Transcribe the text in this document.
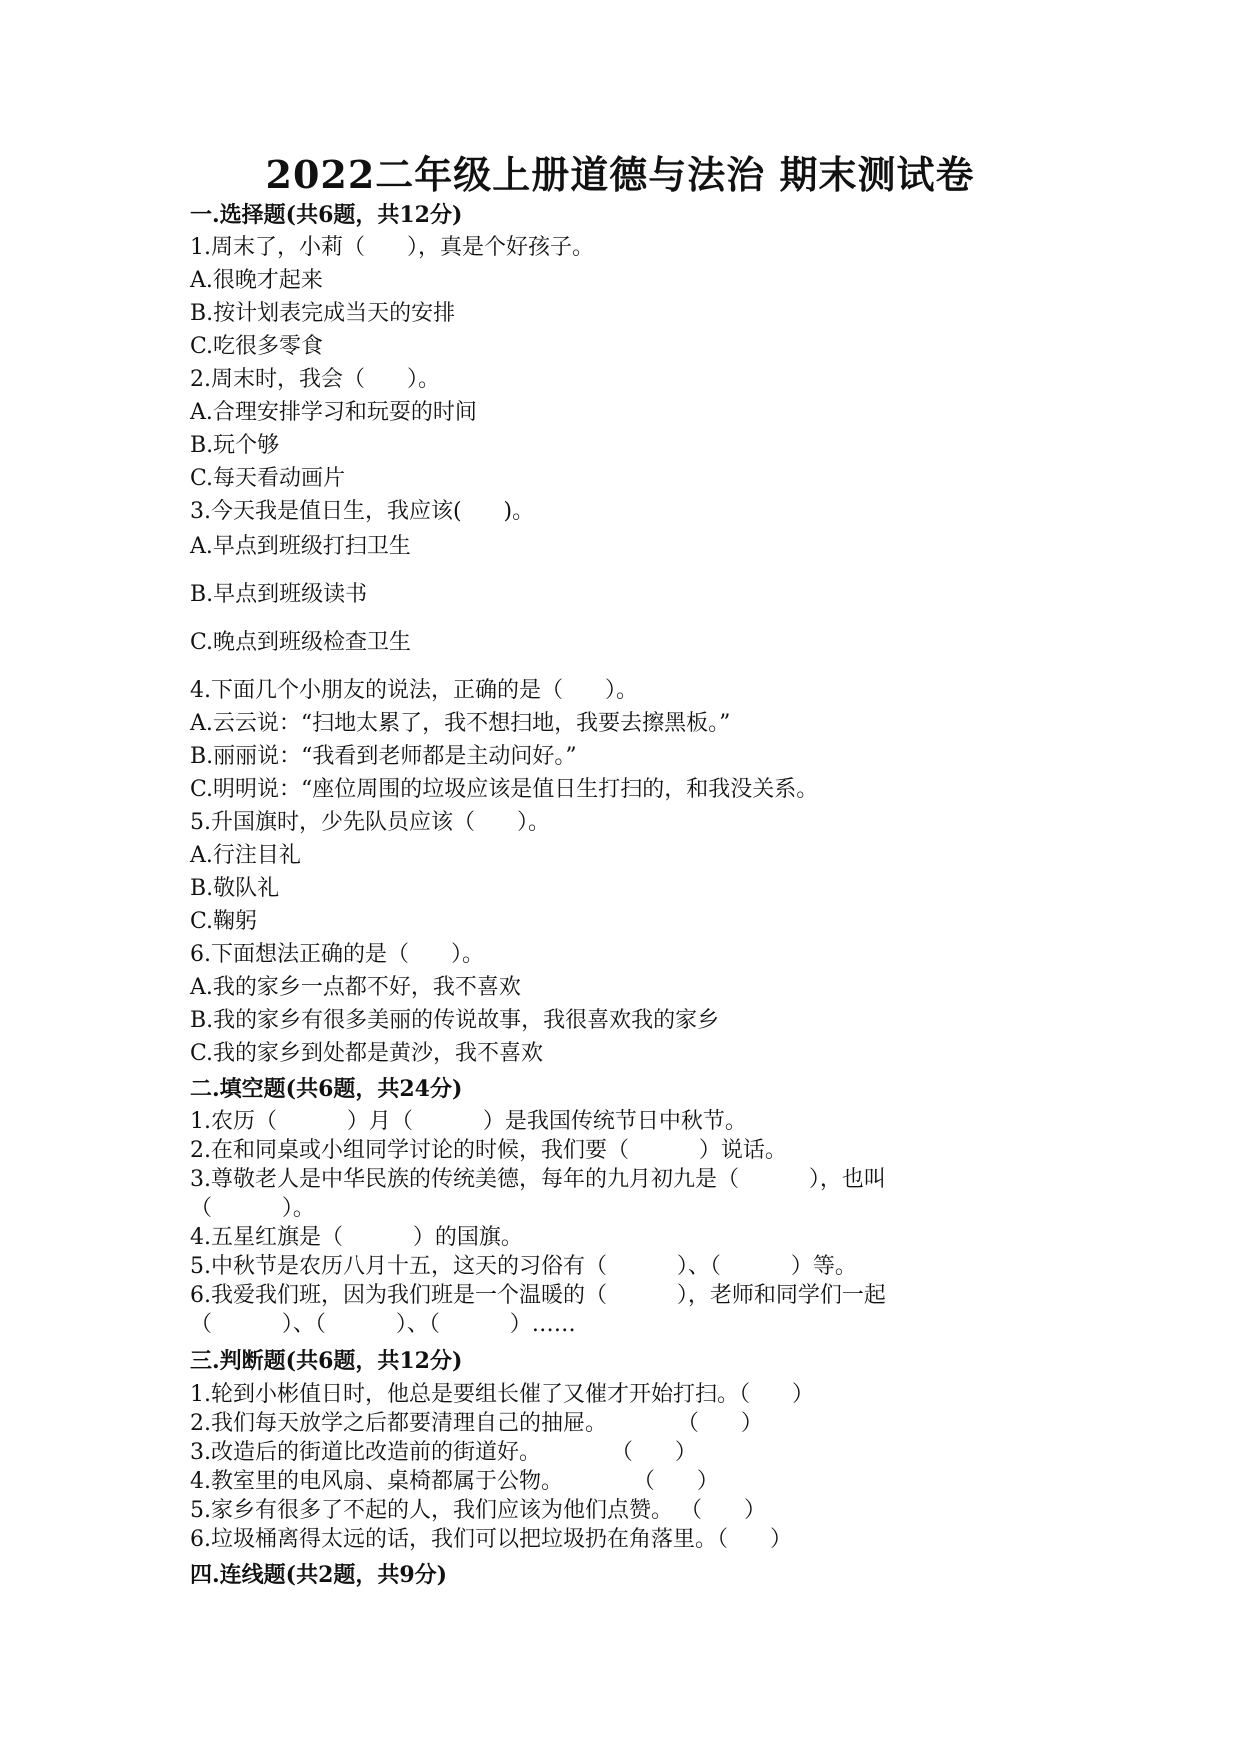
2022二年级上册道德与法治 期末测试卷
一.选择题(共6题，共12分)
1.周末了，小莉（      ），真是个好孩子。
A.很晚才起来
B.按计划表完成当天的安排
C.吃很多零食
2.周末时，我会（      ）。
A.合理安排学习和玩耍的时间
B.玩个够
C.每天看动画片
3.今天我是值日生，我应该(      )。
A.早点到班级打扫卫生
B.早点到班级读书
C.晚点到班级检查卫生
4.下面几个小朋友的说法，正确的是（      ）。
A.云云说：“扫地太累了，我不想扫地，我要去擦黑板。”
B.丽丽说：“我看到老师都是主动问好。”
C.明明说：“座位周围的垃圾应该是值日生打扫的，和我没关系。
5.升国旗时，少先队员应该（      ）。
A.行注目礼
B.敬队礼
C.鞠躬
6.下面想法正确的是（      ）。
A.我的家乡一点都不好，我不喜欢
B.我的家乡有很多美丽的传说故事，我很喜欢我的家乡
C.我的家乡到处都是黄沙，我不喜欢
二.填空题(共6题，共24分)
1.农历（          ）月（          ）是我国传统节日中秋节。
2.在和同桌或小组同学讨论的时候，我们要（          ）说话。
3.尊敬老人是中华民族的传统美德，每年的九月初九是（          ），也叫
（          ）。
4.五星红旗是（          ）的国旗。
5.中秋节是农历八月十五，这天的习俗有（          ）、（          ）等。
6.我爱我们班，因为我们班是一个温暖的（          ），老师和同学们一起
（          ）、（          ）、（          ）……
三.判断题(共6题，共12分)
1.轮到小彬值日时，他总是要组长催了又催才开始打扫。（      ）
2.我们每天放学之后都要清理自己的抽屉。          （      ）
3.改造后的街道比改造前的街道好。          （      ）
4.教室里的电风扇、桌椅都属于公物。          （      ）
5.家乡有很多了不起的人，我们应该为他们点赞。 （      ）
6.垃圾桶离得太远的话，我们可以把垃圾扔在角落里。（      ）
四.连线题(共2题，共9分)
